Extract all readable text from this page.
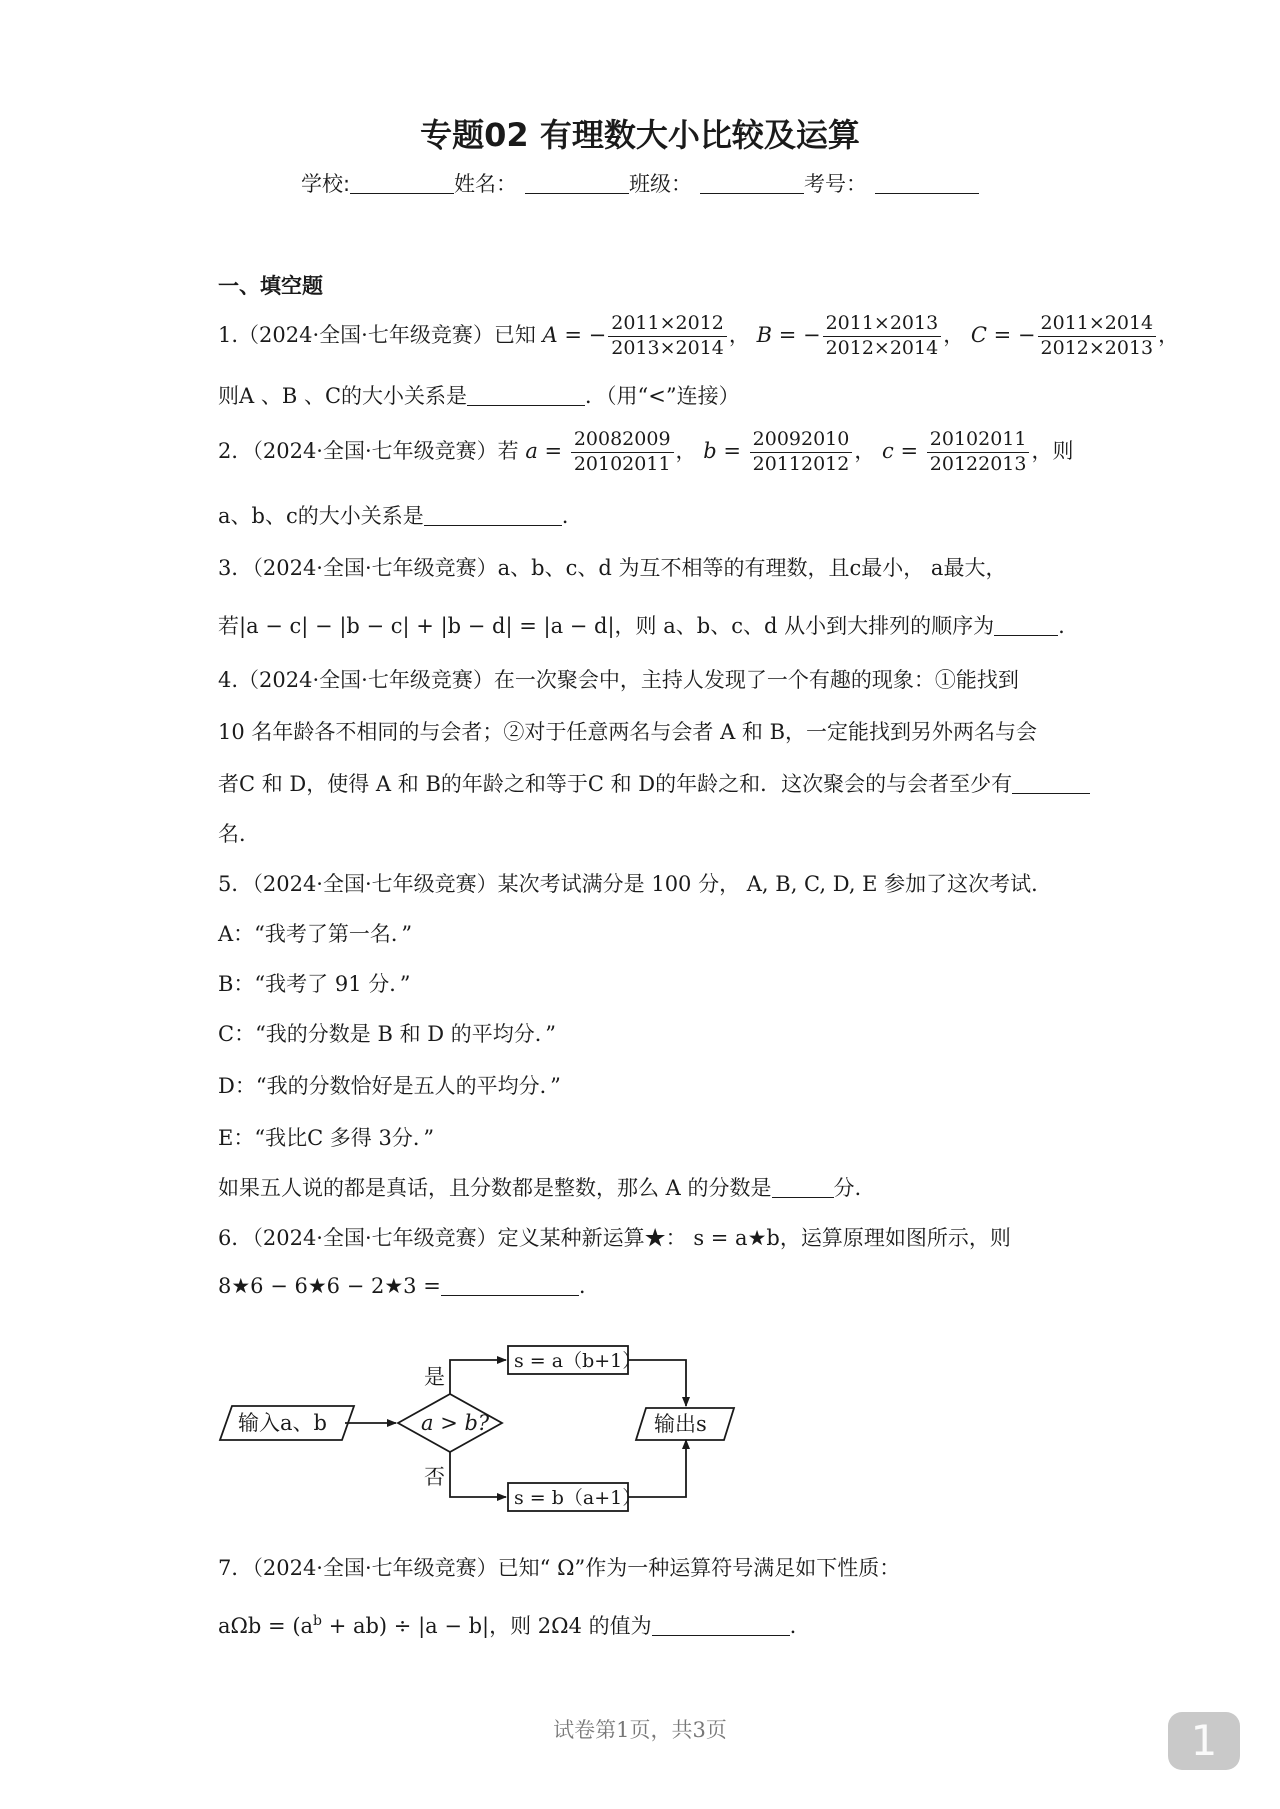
专题02 有理数大小比较及运算
学校:	姓名：	班级：	考号：
一、填空题
1.（2024·全国·七年级竞赛）已知 A = − $\frac{2011\times 2012}{2013\times 2014}$ ， B = − $\frac{2011\times 2013}{2012\times 2014}$ ， C = − $\frac{2011\times 2014}{2012\times 2013}$ ，
则A 、B 、C的大小关系是	．（用“<”连接）
2．（2024·全国·七年级竞赛）若 $a = \frac{20082009}{20102011}$ ， $b = \frac{20092010}{20112012}$ ， $c = \frac{20102011}{20122013}$ ，则
a、b、c的大小关系是	.
3．（2024·全国·七年级竞赛）a、b、c、d 为互不相等的有理数，且c最小， a最大，
若|a − c| − |b − c| + |b − d| = |a − d|，则 a、b、c、d 从小到大排列的顺序为	.
4.（2024·全国·七年级竞赛）在一次聚会中，主持人发现了一个有趣的现象：①能找到
10 名年龄各不相同的与会者；②对于任意两名与会者 A 和 B，一定能找到另外两名与会
者C 和 D，使得 A 和 B的年龄之和等于C 和 D的年龄之和．这次聚会的与会者至少有
名．
5．（2024·全国·七年级竞赛）某次考试满分是 100 分， A, B, C, D, E 参加了这次考试．
A：“我考了第一名．”
B：“我考了 91 分．”
C：“我的分数是 B 和 D 的平均分．”
D：“我的分数恰好是五人的平均分．”
E：“我比C 多得 3分．”
如果五人说的都是真话，且分数都是整数，那么 A 的分数是	分.
6．（2024·全国·七年级竞赛）定义某种新运算★： s = a★b，运算原理如图所示，则
8★6 − 6★6 − 2★3 =	.
输入a、b	a > b?
是
否
s = a（b+1）
s = b（a+1）
输出s
7．（2024·全国·七年级竞赛）已知“ Ω”作为一种运算符号满足如下性质：
$a\Omega b = (a^b + ab) \div |a - b|$，则 2Ω4 的值为	.
试卷第1页，共3页	1
